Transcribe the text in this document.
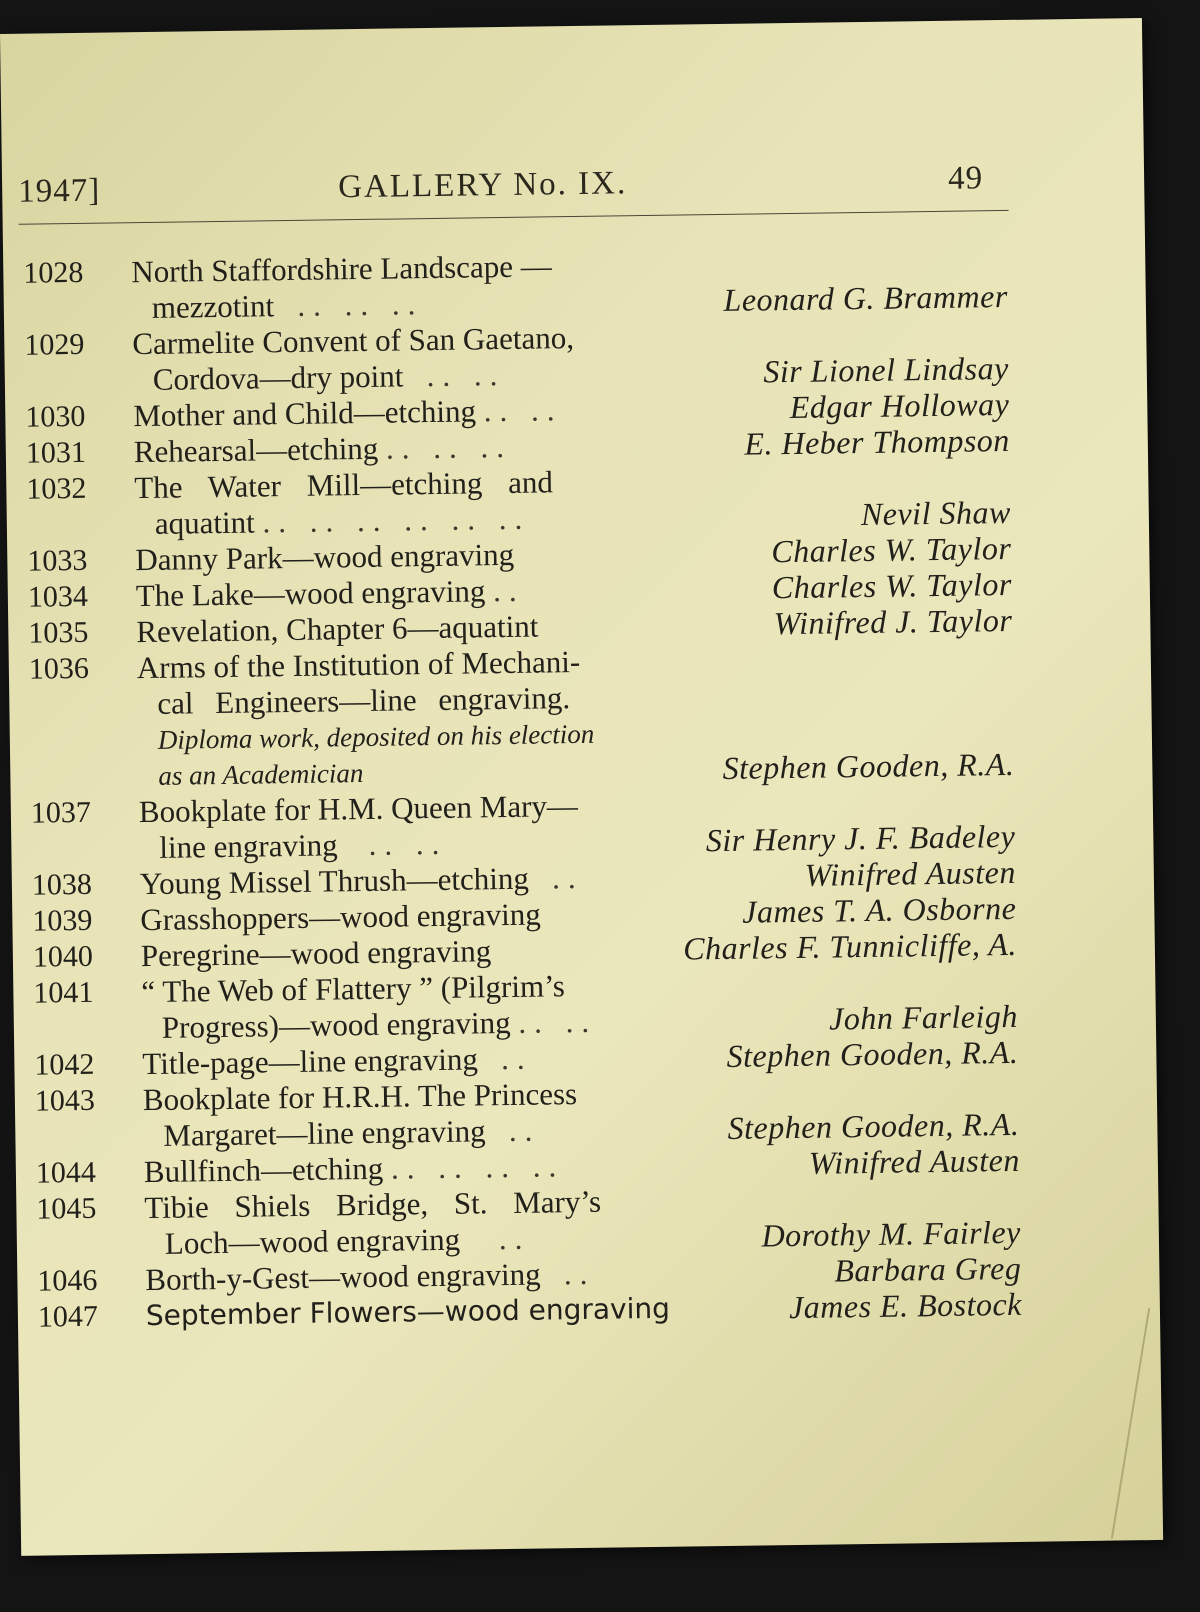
1947]	GALLERY No. IX.	49
1028	North Staffordshire Landscape —
mezzotint .. .. ..	Leonard G. Brammer
1029	Carmelite Convent of San Gaetano,
Cordova—dry point .. ..	Sir Lionel Lindsay
1030	Mother and Child—etching .. ..	Edgar Holloway
1031	Rehearsal—etching .. .. ..	E. Heber Thompson
1032	The Water Mill—etching and
aquatint .. .. .. .. .. ..	Nevil Shaw
1033	Danny Park—wood engraving	Charles W. Taylor
1034	The Lake—wood engraving ..	Charles W. Taylor
1035	Revelation, Chapter 6—aquatint	Winifred J. Taylor
1036	Arms of the Institution of Mechani-
cal Engineers—line engraving.
Diploma work, deposited on his election
as an Academician	Stephen Gooden, R.A.
1037	Bookplate for H.M. Queen Mary—
line engraving .. ..	Sir Henry J. F. Badeley
1038	Young Missel Thrush—etching ..	Winifred Austen
1039	Grasshoppers—wood engraving	James T. A. Osborne
1040	Peregrine—wood engraving	Charles F. Tunnicliffe, A.
1041	“ The Web of Flattery ” (Pilgrim’s
Progress)—wood engraving .. ..	John Farleigh
1042	Title-page—line engraving ..	Stephen Gooden, R.A.
1043	Bookplate for H.R.H. The Princess
Margaret—line engraving ..	Stephen Gooden, R.A.
1044	Bullfinch—etching .. .. .. ..	Winifred Austen
1045	Tibie Shiels Bridge, St. Mary’s
Loch—wood engraving ..	Dorothy M. Fairley
1046	Borth-y-Gest—wood engraving ..	Barbara Greg
1047	September Flowers—wood engraving	James E. Bostock
